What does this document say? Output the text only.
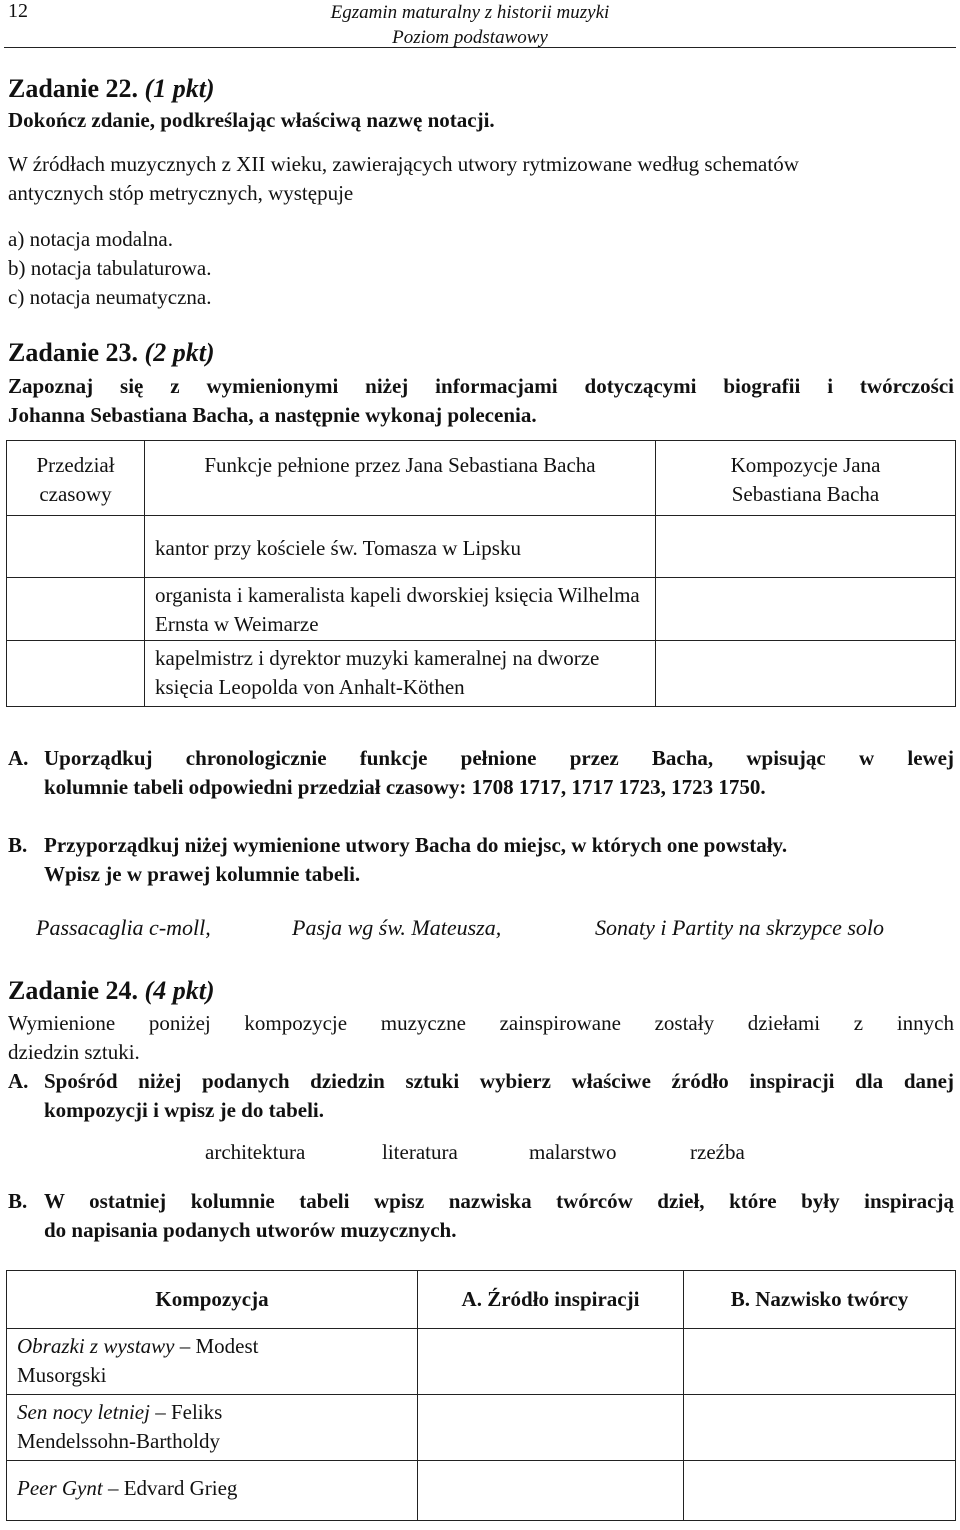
12	Egzamin maturalny z historii muzyki
Poziom podstawowy
Zadanie 22. (1 pkt)
Dokończ zdanie, podkreślając właściwą nazwę notacji.
W źródłach muzycznych z XII wieku, zawierających utwory rytmizowane według schematów
antycznych stóp metrycznych, występuje
a) notacja modalna.
b) notacja tabulaturowa.
c) notacja neumatyczna.
Zadanie 23. (2 pkt)
Zapoznaj się z wymienionymi niżej informacjami dotyczącymi biografii i twórczości
Johanna Sebastiana Bacha, a następnie wykonaj polecenia.
Przedział czasowy	Funkcje pełnione przez Jana Sebastiana Bacha	Kompozycje Jana Sebastiana Bacha
	kantor przy kościele św. Tomasza w Lipsku	
	organista i kameralista kapeli dworskiej księcia Wilhelma Ernsta w Weimarze	
	kapelmistrz i dyrektor muzyki kameralnej na dworze księcia Leopolda von Anhalt-Köthen	
A. Uporządkuj chronologicznie funkcje pełnione przez Bacha, wpisując w lewej
kolumnie tabeli odpowiedni przedział czasowy: 1708 1717, 1717 1723, 1723 1750.
B. Przyporządkuj niżej wymienione utwory Bacha do miejsc, w których one powstały.
Wpisz je w prawej kolumnie tabeli.
Passacaglia c-moll,	Pasja wg św. Mateusza,	Sonaty i Partity na skrzypce solo
Zadanie 24. (4 pkt)
Wymienione poniżej kompozycje muzyczne zainspirowane zostały dziełami z innych
dziedzin sztuki.
A. Spośród niżej podanych dziedzin sztuki wybierz właściwe źródło inspiracji dla danej
kompozycji i wpisz je do tabeli.
architektura	literatura	malarstwo	rzeźba
B. W ostatniej kolumnie tabeli wpisz nazwiska twórców dzieł, które były inspiracją
do napisania podanych utworów muzycznych.
Kompozycja	A. Źródło inspiracji	B. Nazwisko twórcy
Obrazki z wystawy – Modest Musorgski		
Sen nocy letniej – Feliks Mendelssohn-Bartholdy		
Peer Gynt – Edvard Grieg		
